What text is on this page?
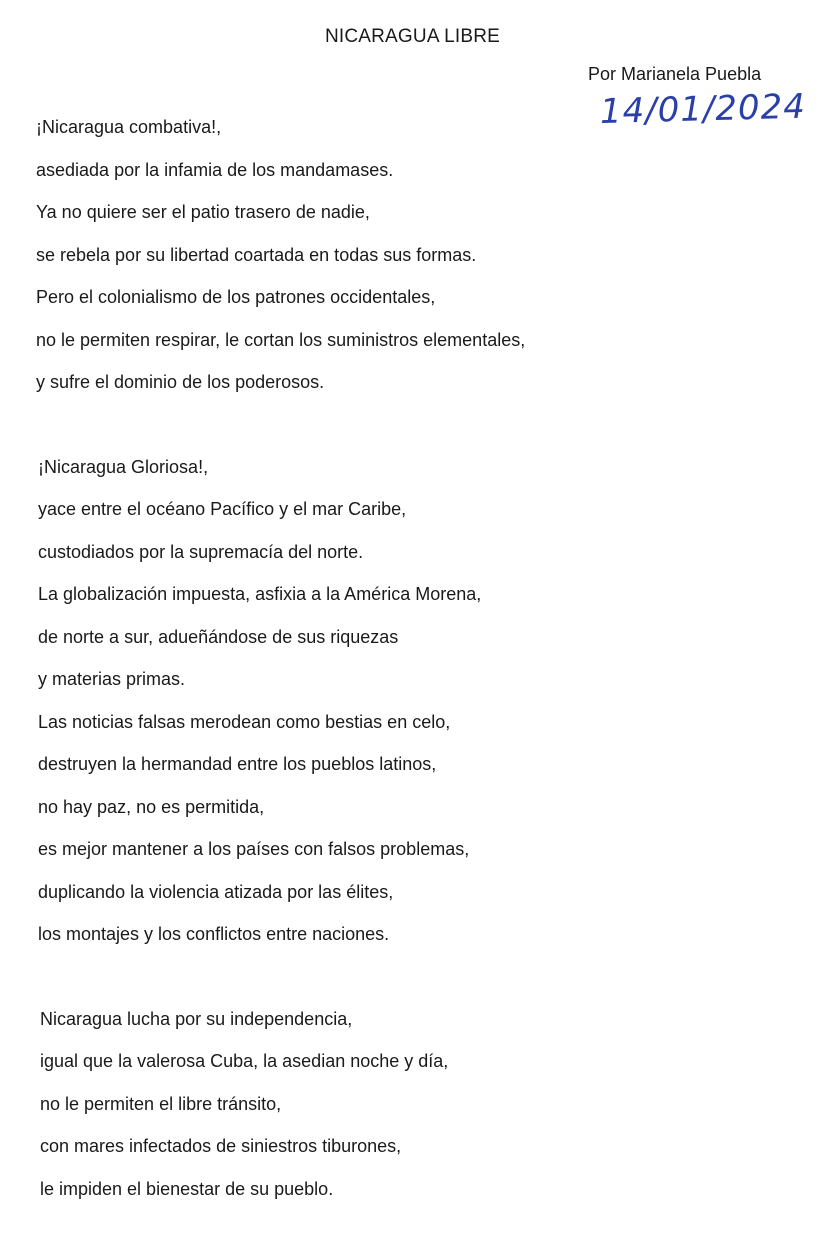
NICARAGUA LIBRE
Por Marianela Puebla
14/01/2024
¡Nicaragua combativa!,
asediada por la infamia de los mandamases.
Ya no quiere ser el patio trasero de nadie,
se rebela por su libertad coartada en todas sus formas.
Pero el colonialismo de los patrones occidentales,
no le permiten respirar, le cortan los suministros elementales,
y sufre el dominio de los poderosos.
¡Nicaragua Gloriosa!,
yace entre el océano Pacífico y el mar Caribe,
custodiados por la supremacía del norte.
La globalización impuesta, asfixia a la América Morena,
de norte a sur, adueñándose de sus riquezas
y materias primas.
Las noticias falsas merodean como bestias en celo,
destruyen la hermandad entre los pueblos latinos,
no hay paz, no es permitida,
es mejor mantener a los países con falsos problemas,
duplicando la violencia atizada por las élites,
los montajes y los conflictos entre naciones.
Nicaragua lucha por su independencia,
igual que la valerosa Cuba, la asedian noche y día,
no le permiten el libre tránsito,
con mares infectados de siniestros tiburones,
le impiden el bienestar de su pueblo.
